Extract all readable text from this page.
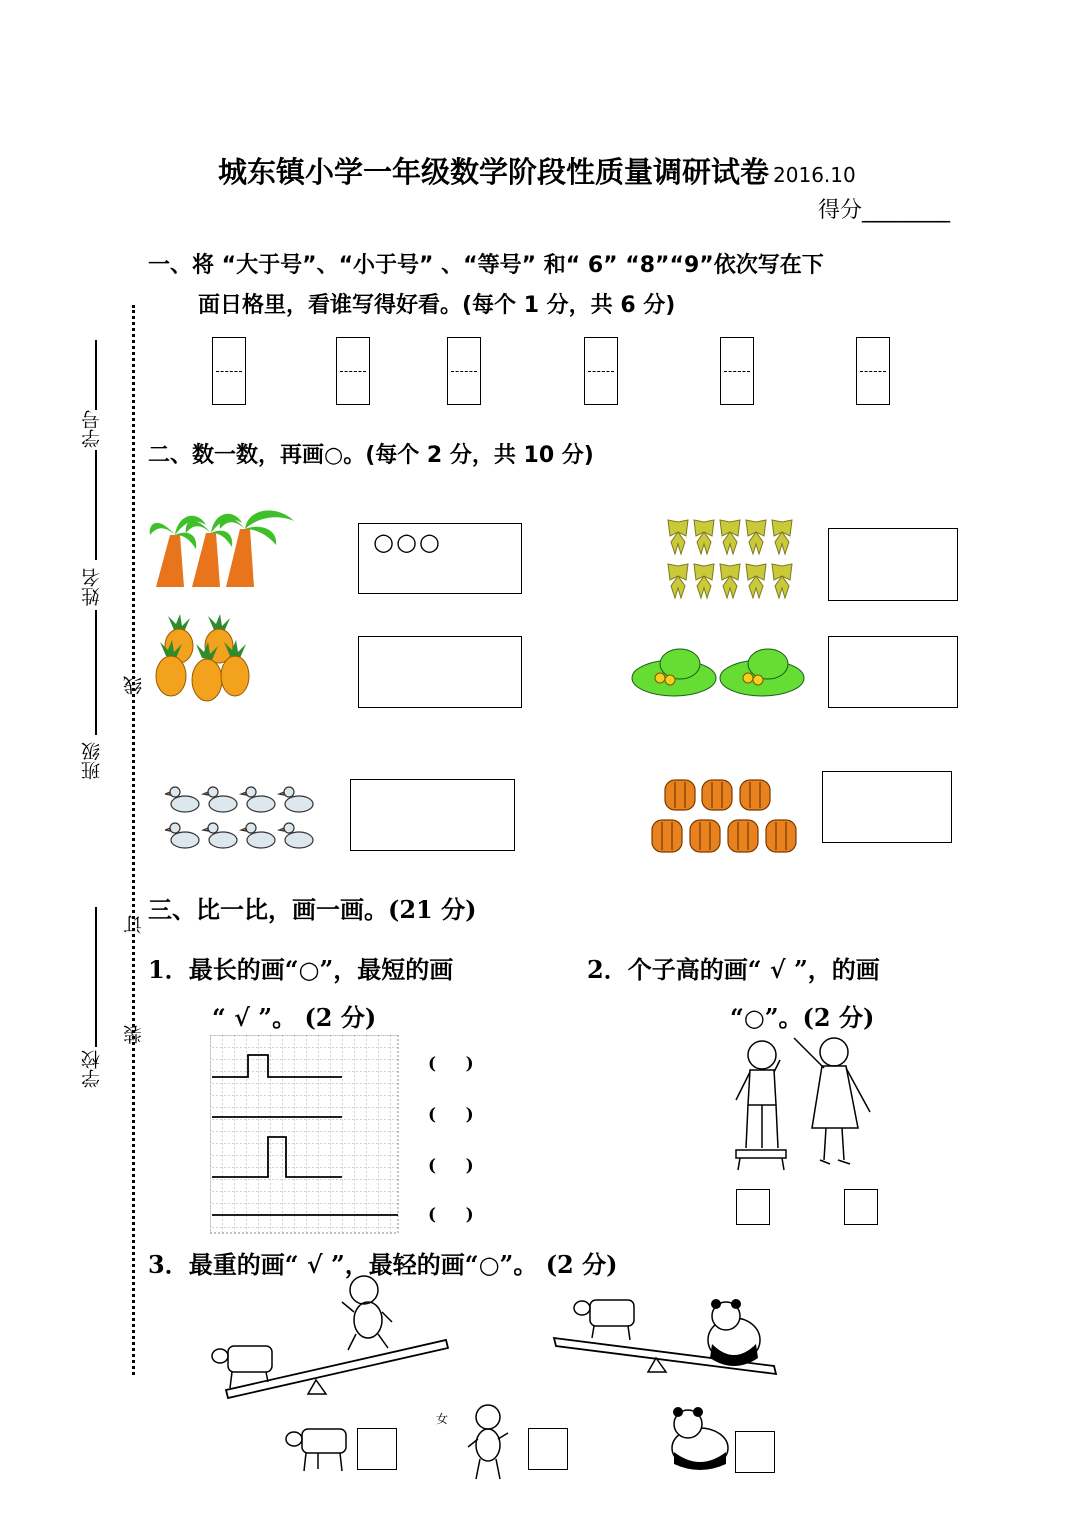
城东镇小学一年级数学阶段性质量调研试卷 2016.10
得分________
学号
姓名
班级
学校
线
订
装
一、将 “大于号”、“小于号” 、“等号” 和“ 6” “8”“9”依次写在下
面日格里，看谁写得好看。(每个 1 分，共 6 分)
二、数一数，再画○。(每个 2 分，共 10 分)
○○○
三、比一比，画一画。(21 分)
1．最长的画“○”，最短的画
“ √ ”。 (2 分)
2．个子高的画“ √ ”，的画
“○”。(2 分)
(     )
(     )
(     )
(     )
3．最重的画“ √ ”，最轻的画“○”。 (2 分)
女
